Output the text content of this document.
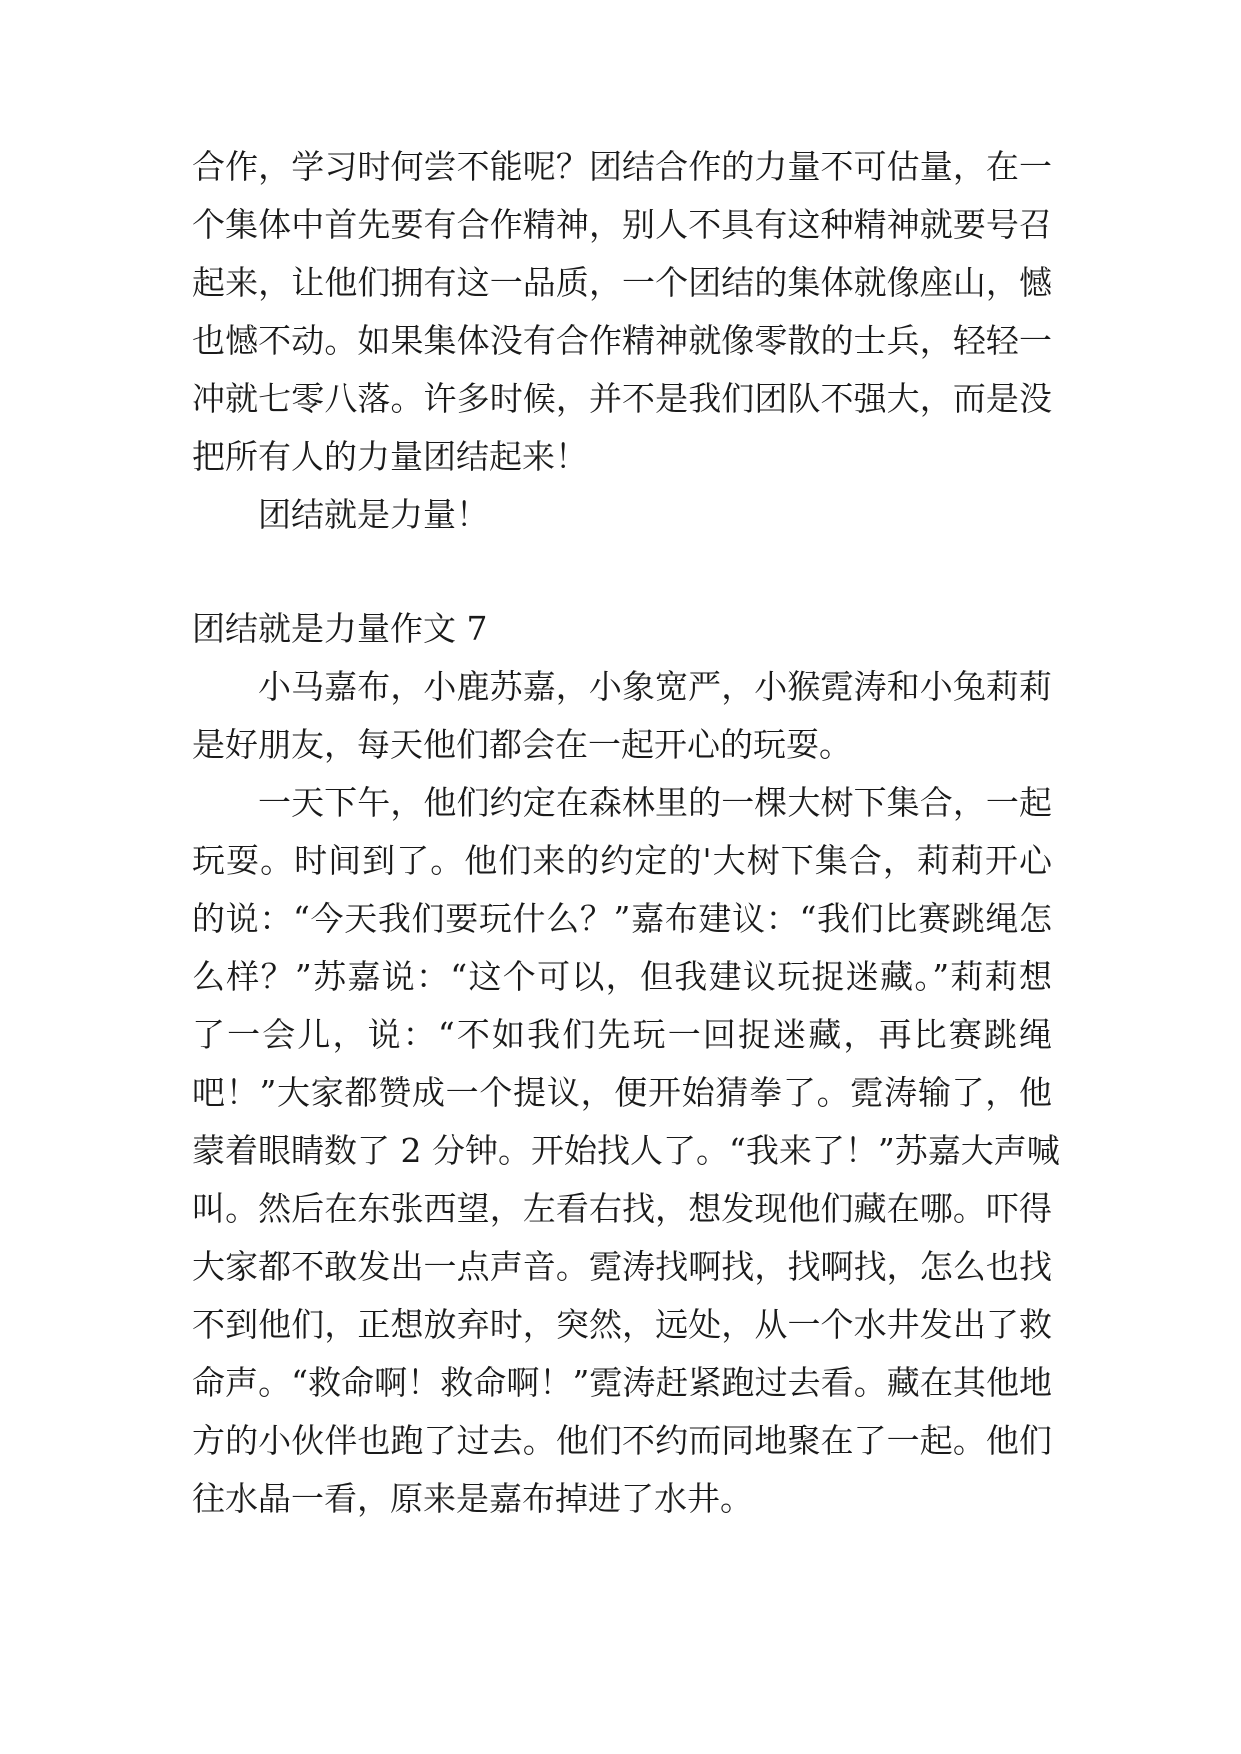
合作，学习时何尝不能呢？团结合作的力量不可估量，在一
个集体中首先要有合作精神，别人不具有这种精神就要号召
起来，让他们拥有这一品质，一个团结的集体就像座山，憾
也憾不动。如果集体没有合作精神就像零散的士兵，轻轻一
冲就七零八落。许多时候，并不是我们团队不强大，而是没
把所有人的力量团结起来！
团结就是力量！
团结就是力量作文 7
小马嘉布，小鹿苏嘉，小象宽严，小猴霓涛和小兔莉莉
是好朋友，每天他们都会在一起开心的玩耍。
一天下午，他们约定在森林里的一棵大树下集合，一起
玩耍。时间到了。他们来的约定的'大树下集合，莉莉开心
的说：“今天我们要玩什么？”嘉布建议：“我们比赛跳绳怎
么样？”苏嘉说：“这个可以，但我建议玩捉迷藏。”莉莉想
了一会儿，说：“不如我们先玩一回捉迷藏，再比赛跳绳
吧！”大家都赞成一个提议，便开始猜拳了。霓涛输了，他
蒙着眼睛数了 2 分钟。开始找人了。“我来了！”苏嘉大声喊
叫。然后在东张西望，左看右找，想发现他们藏在哪。吓得
大家都不敢发出一点声音。霓涛找啊找，找啊找，怎么也找
不到他们，正想放弃时，突然，远处，从一个水井发出了救
命声。“救命啊！救命啊！”霓涛赶紧跑过去看。藏在其他地
方的小伙伴也跑了过去。他们不约而同地聚在了一起。他们
往水晶一看，原来是嘉布掉进了水井。
